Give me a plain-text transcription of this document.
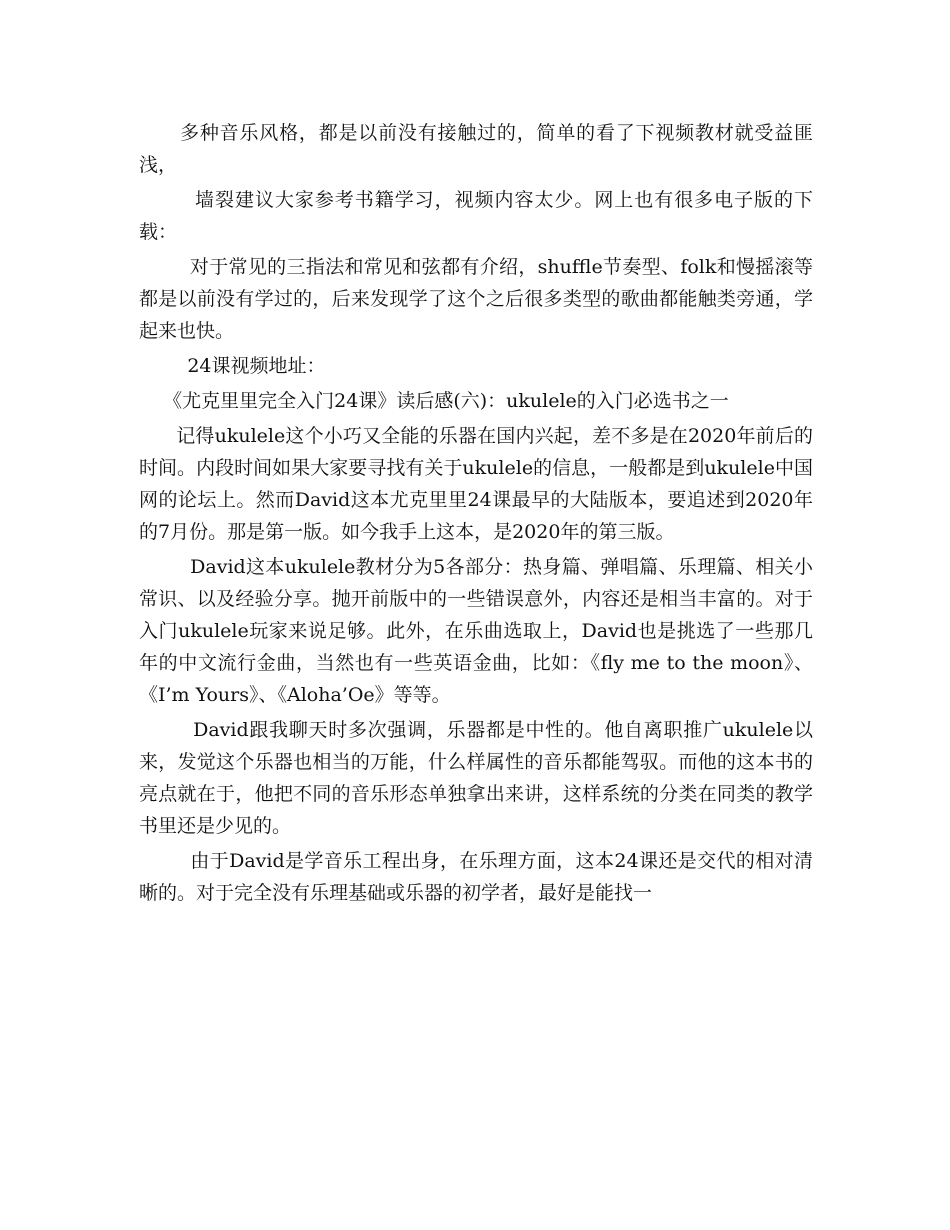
多种音乐风格，都是以前没有接触过的，简单的看了下视频教材就受益匪浅，

墙裂建议大家参考书籍学习，视频内容太少。网上也有很多电子版的下载：

对于常见的三指法和常见和弦都有介绍，shuffle节奏型、folk和慢摇滚等都是以前没有学过的，后来发现学了这个之后很多类型的歌曲都能触类旁通，学起来也快。

24课视频地址：

《尤克里里完全入门24课》读后感(六)：ukulele的入门必选书之一

记得ukulele这个小巧又全能的乐器在国内兴起，差不多是在2020年前后的时间。内段时间如果大家要寻找有关于ukulele的信息，一般都是到ukulele中国网的论坛上。然而David这本尤克里里24课最早的大陆版本，要追述到2020年的7月份。那是第一版。如今我手上这本，是2020年的第三版。

David这本ukulele教材分为5各部分：热身篇、弹唱篇、乐理篇、相关小常识、以及经验分享。抛开前版中的一些错误意外，内容还是相当丰富的。对于入门ukulele玩家来说足够。此外，在乐曲选取上，David也是挑选了一些那几年的中文流行金曲，当然也有一些英语金曲，比如：《fly me to the moon》、《I’m Yours》、《Aloha’Oe》等等。

David跟我聊天时多次强调，乐器都是中性的。他自离职推广ukulele以来，发觉这个乐器也相当的万能，什么样属性的音乐都能驾驭。而他的这本书的亮点就在于，他把不同的音乐形态单独拿出来讲，这样系统的分类在同类的教学书里还是少见的。

由于David是学音乐工程出身，在乐理方面，这本24课还是交代的相对清晰的。对于完全没有乐理基础或乐器的初学者，最好是能找一
